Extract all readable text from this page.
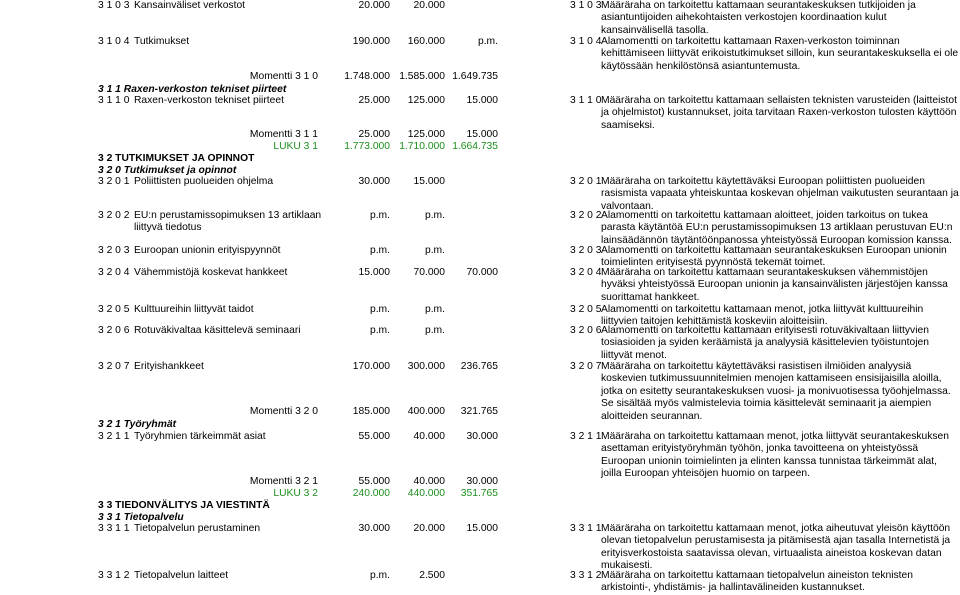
3 1 0 3 Kansainväliset verkostot	20.000	20.000	3 1 0 3 Määräraha on tarkoitettu kattamaan seurantakeskuksen tutkijoiden ja asiantuntijoiden aihekohtaisten verkostojen koordinaation kulut kansainvälisellä tasolla.
3 1 0 4 Tutkimukset	190.000	160.000	p.m.	3 1 0 4 Alamomentti on tarkoitettu kattamaan Raxen-verkoston toiminnan kehittämiseen liittyvät erikoistutkimukset silloin, kun seurantakeskuksella ei ole käytössään henkilöstönsä asiantuntemusta.
Momentti 3 1 0	1.748.000 1.585.000 1.649.735
3 1 1 Raxen-verkoston tekniset piirteet
3 1 1 0 Raxen-verkoston tekniset piirteet	25.000	125.000	15.000	3 1 1 0 Määräraha on tarkoitettu kattamaan sellaisten teknisten varusteiden (laitteistot ja ohjelmistot) kustannukset, joita tarvitaan Raxen-verkoston tulosten käyttöön saamiseksi.
Momentti 3 1 1	25.000	125.000	15.000
LUKU 3 1	1.773.000 1.710.000 1.664.735
3 2 TUTKIMUKSET JA OPINNOT
3 2 0 Tutkimukset ja opinnot
3 2 0 1 Poliittisten puolueiden ohjelma	30.000	15.000	3 2 0 1 Määräraha on tarkoitettu käytettäväksi Euroopan poliittisten puolueiden rasismista vapaata yhteiskuntaa koskevan ohjelman vaikutusten seurantaan ja valvontaan.
3 2 0 2 EU:n perustamissopimuksen 13 artiklaan liittyvä tiedotus
p.m.	p.m.	3 2 0 2 Alamomentti on tarkoitettu kattamaan aloitteet, joiden tarkoitus on tukea parasta käytäntöä EU:n perustamissopimuksen 13 artiklaan perustuvan EU:n lainsäädännön täytäntöönpanossa yhteistyössä Euroopan komission kanssa.
3 2 0 3 Euroopan unionin erityispyynnöt	p.m.	p.m.	3 2 0 3 Alamomentti on tarkoitettu kattamaan seurantakeskuksen Euroopan unionin toimielinten erityisestä pyynnöstä tekemät toimet.
3 2 0 4 Vähemmistöjä koskevat hankkeet	15.000	70.000	70.000	3 2 0 4 Määräraha on tarkoitettu kattamaan seurantakeskuksen vähemmistöjen hyväksi yhteistyössä Euroopan unionin ja kansainvälisten järjestöjen kanssa suorittamat hankkeet.
3 2 0 5 Kulttuureihin liittyvät taidot	p.m.	p.m.	3 2 0 5 Alamomentti on tarkoitettu kattamaan menot, jotka liittyvät kulttuureihin liittyvien taitojen kehittämistä koskeviin aloitteisiin.
3 2 0 6 Rotuväkivaltaa käsittelevä seminaari	p.m.	p.m.	3 2 0 6 Alamomentti on tarkoitettu kattamaan erityisesti rotuväkivaltaan liittyvien tosiasioiden ja syiden keräämistä ja analyysiä käsittelevien työistuntojen liittyvät menot.
3 2 0 7 Erityishankkeet	170.000	300.000	236.765	3 2 0 7 Määräraha on tarkoitettu käytettäväksi rasistisen ilmiöiden analyysiä koskevien tutkimussuunnitelmien menojen kattamiseen ensisijaisilla aloilla, jotka on esitetty seurantakeskuksen vuosi- ja monivuotisessa työohjelmassa. Se sisältää myös valmistelevia toimia käsittelevät seminaarit ja aiempien aloitteiden seurannan.
Momentti 3 2 0	185.000	400.000	321.765
3 2 1 Työryhmät
3 2 1 1 Työryhmien tärkeimmät asiat	55.000	40.000	30.000	3 2 1 1 Määräraha on tarkoitettu kattamaan menot, jotka liittyvät seurantakeskuksen asettaman erityistyöryhmän työhön, jonka tavoitteena on yhteistyössä Euroopan unionin toimielinten ja elinten kanssa tunnistaa tärkeimmät alat, joilla Euroopan yhteisöjen huomio on tarpeen.
Momentti 3 2 1	55.000	40.000	30.000
LUKU 3 2	240.000	440.000	351.765
3 3 TIEDONVÄLITYS JA VIESTINTÄ
3 3 1 Tietopalvelu
3 3 1 1 Tietopalvelun perustaminen	30.000	20.000	15.000	3 3 1 1 Määräraha on tarkoitettu kattamaan menot, jotka aiheutuvat yleisön käyttöön olevan tietopalvelun perustamisesta ja pitämisestä ajan tasalla Internetistä ja erityisverkostoista saatavissa olevan, virtuaalista aineistoa koskevan datan mukaisesti.
3 3 1 2 Tietopalvelun laitteet	p.m.	2.500	3 3 1 2 Määräraha on tarkoitettu kattamaan tietopalvelun aineiston teknisten arkistointi-, yhdistämis- ja hallintavälineiden kustannukset.
